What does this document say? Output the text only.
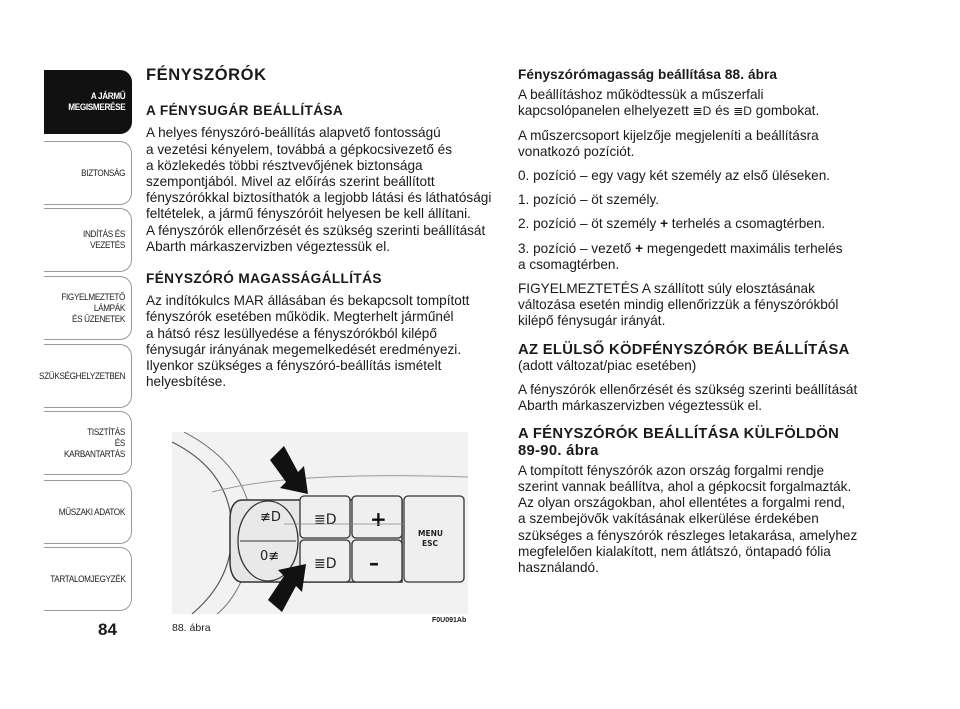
A JÁRMŰ
MEGISMERÉSE
BIZTONSÁG
INDÍTÁS ÉS VEZETÉS
FIGYELMEZTETŐ
LÁMPÁK
ÉS ÜZENETEK
SZÜKSÉGHELYZETBEN
TISZTÍTÁS
ÉS KARBANTARTÁS
MŰSZAKI ADATOK
TARTALOMJEGYZÉK
84
FÉNYSZÓRÓK
A FÉNYSUGÁR BEÁLLÍTÁSA
A helyes fényszóró-beállítás alapvető fontosságú
a vezetési kényelem, továbbá a gépkocsivezető és
a közlekedés többi résztvevőjének biztonsága
szempontjából. Mivel az előírás szerint beállított
fényszórókkal biztosíthatók a legjobb látási és láthatósági
feltételek, a jármű fényszóróit helyesen be kell állítani.
A fényszórók ellenőrzését és szükség szerinti beállítását
Abarth márkaszervizben végeztessük el.
FÉNYSZÓRÓ MAGASSÁGÁLLÍTÁS
Az indítókulcs MAR állásában és bekapcsolt tompított
fényszórók esetében működik. Megterhelt járműnél
a hátsó rész lesüllyedése a fényszórókból kilépő
fénysugár irányának megemelkedését eredményezi.
Ilyenkor szükséges a fényszóró-beállítás ismételt
helyesbítése.
≢D
0≢
≣D
≣D
+
–
MENU
ESC
88. ábra
F0U091Ab
Fényszórómagasság beállítása 88. ábra
A beállításhoz működtessük a műszerfali
kapcsolópanelen elhelyezett ≣D és ≣D gombokat.
A műszercsoport kijelzője megjeleníti a beállításra
vonatkozó pozíciót.
0. pozíció – egy vagy két személy az első üléseken.
1. pozíció – öt személy.
2. pozíció – öt személy + terhelés a csomagtérben.
3. pozíció – vezető + megengedett maximális terhelés
a csomagtérben.
FIGYELMEZTETÉS A szállított súly elosztásának
változása esetén mindig ellenőrizzük a fényszórókból
kilépő fénysugár irányát.
AZ ELÜLSŐ KÖDFÉNYSZÓRÓK BEÁLLÍTÁSA
(adott változat/piac esetében)
A fényszórók ellenőrzését és szükség szerinti beállítását
Abarth márkaszervizben végeztessük el.
A FÉNYSZÓRÓK BEÁLLÍTÁSA KÜLFÖLDÖN
89-90. ábra
A tompított fényszórók azon ország forgalmi rendje
szerint vannak beállítva, ahol a gépkocsit forgalmazták.
Az olyan országokban, ahol ellentétes a forgalmi rend,
a szembejövők vakításának elkerülése érdekében
szükséges a fényszórók részleges letakarása, amelyhez
megfelelően kialakított, nem átlátszó, öntapadó fólia
használandó.
